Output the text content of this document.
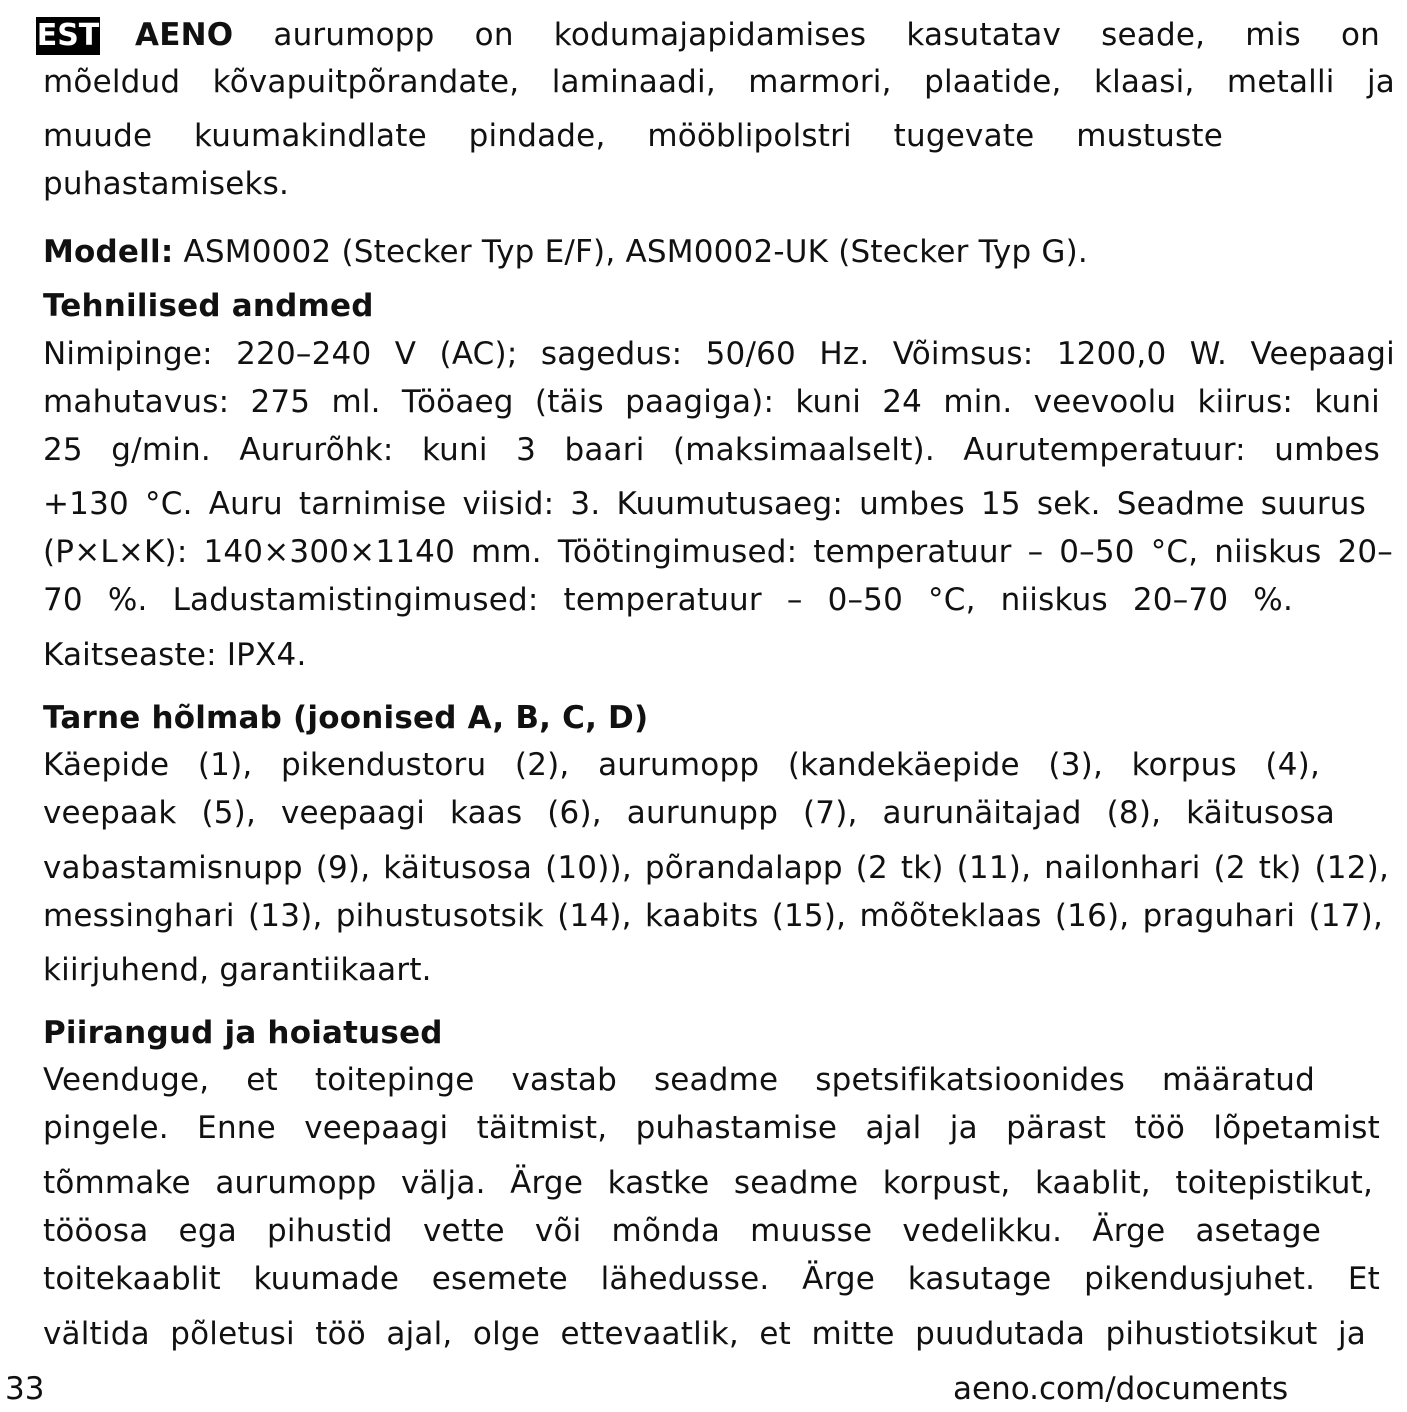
EST AENO aurumopp on kodumajapidamises kasutatav seade, mis on
mõeldud kõvapuitpõrandate, laminaadi, marmori, plaatide, klaasi, metalli ja
muude kuumakindlate pindade, mööblipolstri tugevate mustuste
puhastamiseks.
Modell: ASM0002 (Stecker Typ E/F), ASM0002-UK (Stecker Typ G).
Tehnilised andmed
Nimipinge: 220–240 V (AC); sagedus: 50/60 Hz. Võimsus: 1200,0 W. Veepaagi
mahutavus: 275 ml. Tööaeg (täis paagiga): kuni 24 min. veevoolu kiirus: kuni
25 g/min. Aururõhk: kuni 3 baari (maksimaalselt). Aurutemperatuur: umbes
+130 °C. Auru tarnimise viisid: 3. Kuumutusaeg: umbes 15 sek. Seadme suurus
(P×L×K): 140×300×1140 mm. Töötingimused: temperatuur – 0–50 °C, niiskus 20–
70 %. Ladustamistingimused: temperatuur – 0–50 °C, niiskus 20–70 %.
Kaitseaste: IPX4.
Tarne hõlmab (joonised A, B, C, D)
Käepide (1), pikendustoru (2), aurumopp (kandekäepide (3), korpus (4),
veepaak (5), veepaagi kaas (6), aurunupp (7), aurunäitajad (8), käitusosa
vabastamisnupp (9), käitusosa (10)), põrandalapp (2 tk) (11), nailonhari (2 tk) (12),
messinghari (13), pihustusotsik (14), kaabits (15), mõõteklaas (16), praguhari (17),
kiirjuhend, garantiikaart.
Piirangud ja hoiatused
Veenduge, et toitepinge vastab seadme spetsifikatsioonides määratud
pingele. Enne veepaagi täitmist, puhastamise ajal ja pärast töö lõpetamist
tõmmake aurumopp välja. Ärge kastke seadme korpust, kaablit, toitepistikut,
tööosa ega pihustid vette või mõnda muusse vedelikku. Ärge asetage
toitekaablit kuumade esemete lähedusse. Ärge kasutage pikendusjuhet. Et
vältida põletusi töö ajal, olge ettevaatlik, et mitte puudutada pihustiotsikut ja
33	aeno.com/documents
